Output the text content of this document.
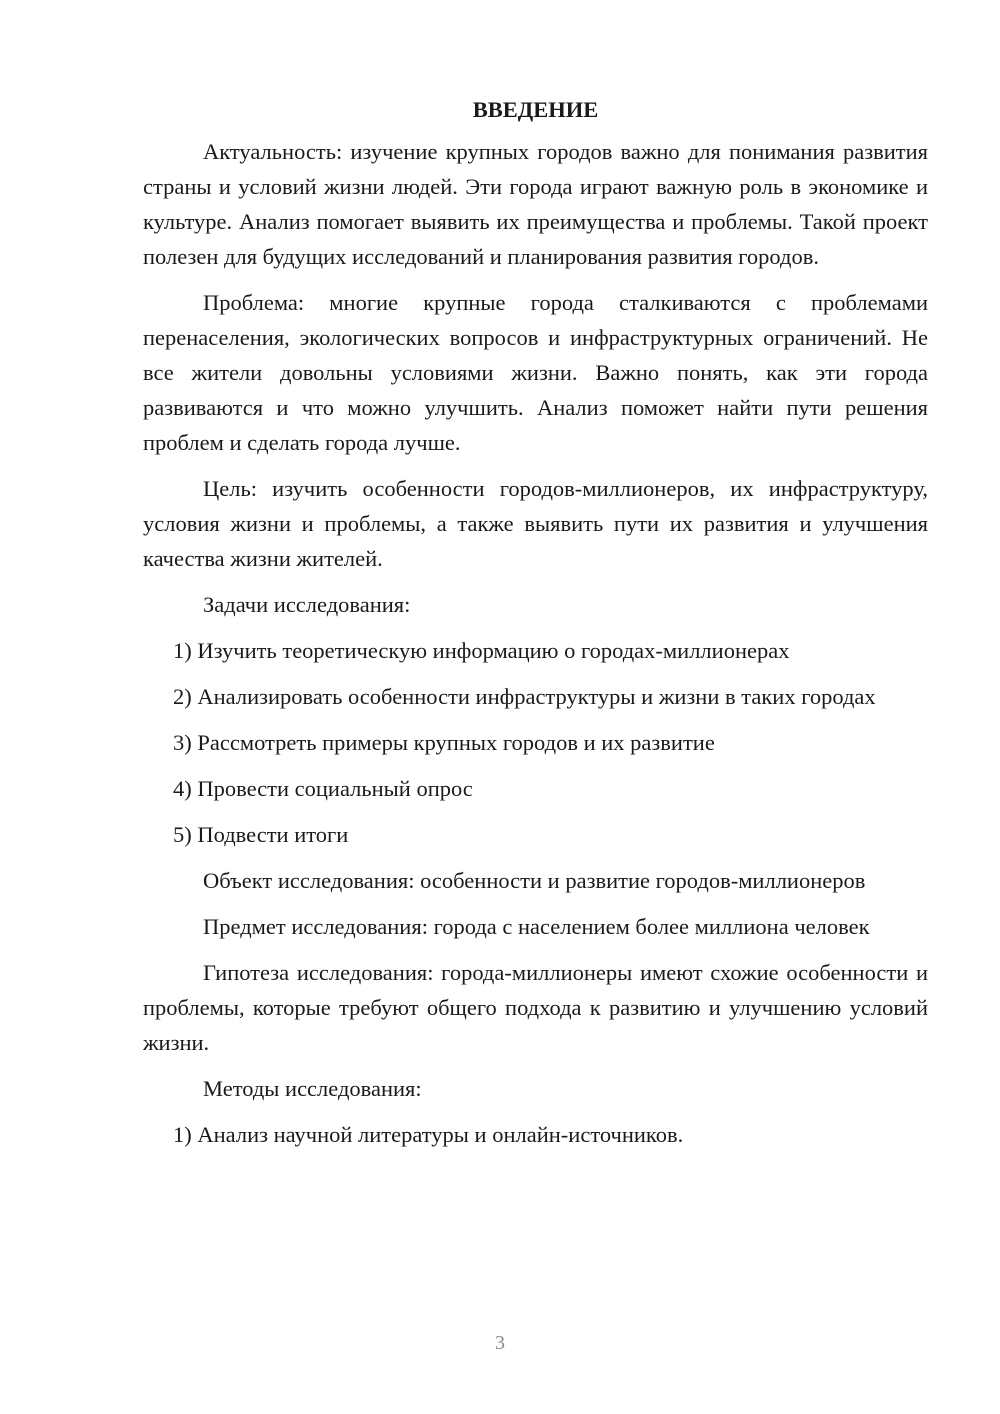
ВВЕДЕНИЕ

Актуальность: изучение крупных городов важно для понимания развития страны и условий жизни людей. Эти города играют важную роль в экономике и культуре. Анализ помогает выявить их преимущества и проблемы. Такой проект полезен для будущих исследований и планирования развития городов.

Проблема: многие крупные города сталкиваются с проблемами перенаселения, экологических вопросов и инфраструктурных ограничений. Не все жители довольны условиями жизни. Важно понять, как эти города развиваются и что можно улучшить. Анализ поможет найти пути решения проблем и сделать города лучше.

Цель: изучить особенности городов-миллионеров, их инфраструктуру, условия жизни и проблемы, а также выявить пути их развития и улучшения качества жизни жителей.

Задачи исследования:

1) Изучить теоретическую информацию о городах-миллионерах

2) Анализировать особенности инфраструктуры и жизни в таких городах

3) Рассмотреть примеры крупных городов и их развитие

4) Провести социальный опрос

5) Подвести итоги

Объект исследования: особенности и развитие городов-миллионеров

Предмет исследования: города с населением более миллиона человек

Гипотеза исследования: города-миллионеры имеют схожие особенности и проблемы, которые требуют общего подхода к развитию и улучшению условий жизни.

Методы исследования:

1) Анализ научной литературы и онлайн-источников.

3
